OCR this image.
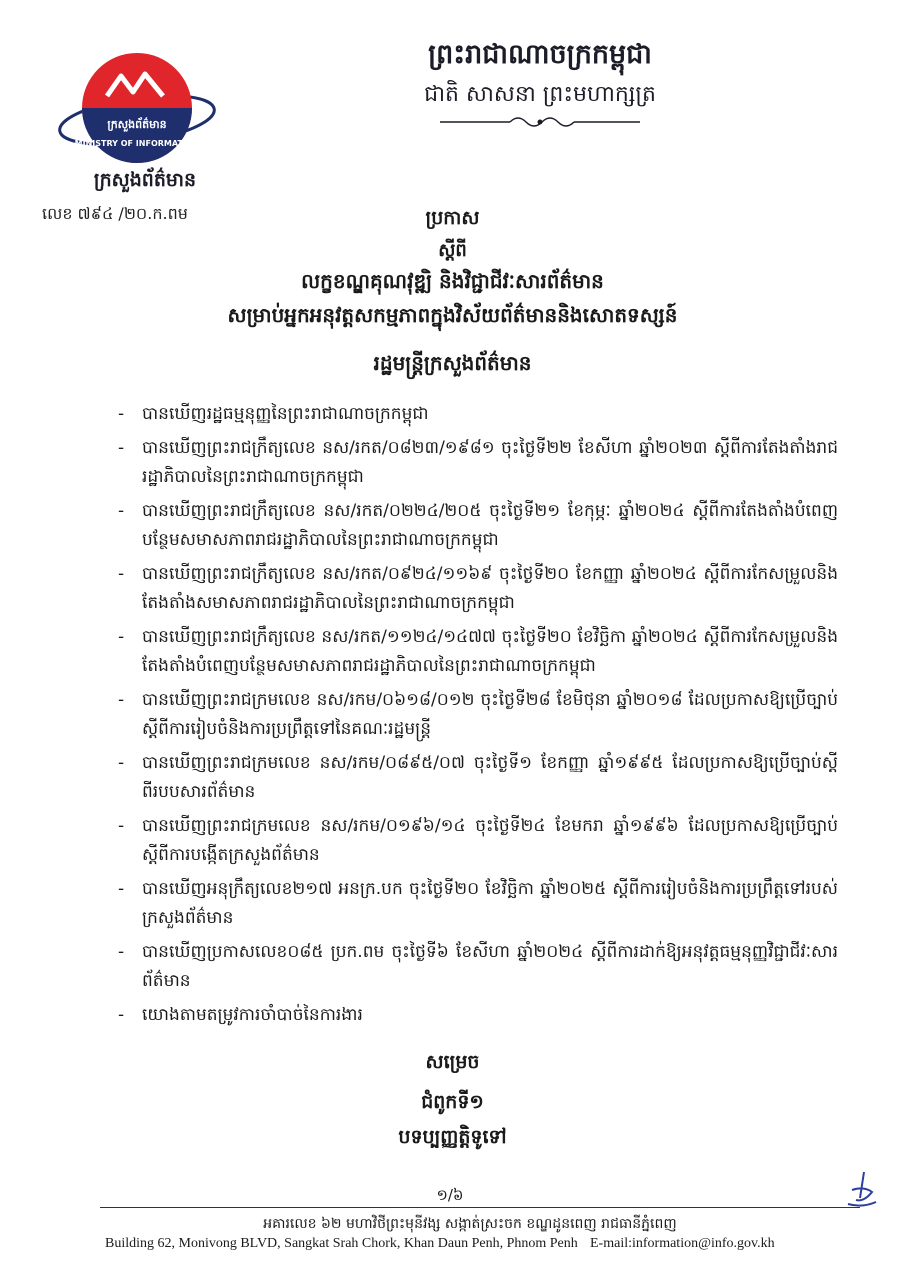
ក្រសួងព័ត៌មាន
MINISTRY OF INFORMATION
ក្រសួងព័ត៌មាន
លេខ ៧៩៤ /២០.ក.ពម
ព្រះរាជាណាចក្រកម្ពុជា
ជាតិ សាសនា ព្រះមហាក្សត្រ
ប្រកាស
ស្តីពី
លក្ខខណ្ឌគុណវុឌ្ឍិ និងវិជ្ជាជីវៈសារព័ត៌មាន
សម្រាប់អ្នកអនុវត្តសកម្មភាពក្នុងវិស័យព័ត៌មាននិងសោតទស្សន៍
រដ្ឋមន្ត្រីក្រសួងព័ត៌មាន
- បានឃើញរដ្ឋធម្មនុញ្ញនៃព្រះរាជាណាចក្រកម្ពុជា
- បានឃើញព្រះរាជក្រឹត្យលេខ នស/រកត/០៨២៣/១៩៨១ ចុះថ្ងៃទី២២ ខែសីហា ឆ្នាំ២០២៣ ស្តីពីការតែងតាំងរាជរដ្ឋាភិបាលនៃព្រះរាជាណាចក្រកម្ពុជា
- បានឃើញព្រះរាជក្រឹត្យលេខ នស/រកត/០២២៤/២០៥ ចុះថ្ងៃទី២១ ខែកុម្ភៈ ឆ្នាំ២០២៤ ស្តីពីការតែងតាំងបំពេញបន្ថែមសមាសភាពរាជរដ្ឋាភិបាលនៃព្រះរាជាណាចក្រកម្ពុជា
- បានឃើញព្រះរាជក្រឹត្យលេខ នស/រកត/០៩២៤/១១៦៩ ចុះថ្ងៃទី២០ ខែកញ្ញា ឆ្នាំ២០២៤ ស្តីពីការកែសម្រួលនិងតែងតាំងសមាសភាពរាជរដ្ឋាភិបាលនៃព្រះរាជាណាចក្រកម្ពុជា
- បានឃើញព្រះរាជក្រឹត្យលេខ នស/រកត/១១២៤/១៤៧៧ ចុះថ្ងៃទី២០ ខែវិច្ឆិកា ឆ្នាំ២០២៤ ស្តីពីការកែសម្រួលនិងតែងតាំងបំពេញបន្ថែមសមាសភាពរាជរដ្ឋាភិបាលនៃព្រះរាជាណាចក្រកម្ពុជា
- បានឃើញព្រះរាជក្រមលេខ នស/រកម/០៦១៨/០១២ ចុះថ្ងៃទី២៨ ខែមិថុនា ឆ្នាំ២០១៨ ដែលប្រកាសឱ្យប្រើច្បាប់ស្តីពីការរៀបចំនិងការប្រព្រឹត្តទៅនៃគណៈរដ្ឋមន្ត្រី
- បានឃើញព្រះរាជក្រមលេខ នស/រកម/០៨៩៥/០៧ ចុះថ្ងៃទី១ ខែកញ្ញា ឆ្នាំ១៩៩៥ ដែលប្រកាសឱ្យប្រើច្បាប់ស្តីពីរបបសារព័ត៌មាន
- បានឃើញព្រះរាជក្រមលេខ នស/រកម/០១៩៦/១៤ ចុះថ្ងៃទី២៤ ខែមករា ឆ្នាំ១៩៩៦ ដែលប្រកាសឱ្យប្រើច្បាប់ស្តីពីការបង្កើតក្រសួងព័ត៌មាន
- បានឃើញអនុក្រឹត្យលេខ២១៧ អនក្រ.បក ចុះថ្ងៃទី២០ ខែវិច្ឆិកា ឆ្នាំ២០២៥ ស្តីពីការរៀបចំនិងការប្រព្រឹត្តទៅរបស់ក្រសួងព័ត៌មាន
- បានឃើញប្រកាសលេខ០៨៥ ប្រក.ពម ចុះថ្ងៃទី៦ ខែសីហា ឆ្នាំ២០២៤ ស្តីពីការដាក់ឱ្យអនុវត្តធម្មនុញ្ញវិជ្ជាជីវៈសារព័ត៌មាន
- យោងតាមតម្រូវការចាំបាច់នៃការងារ
សម្រេច
ជំពូកទី១
បទប្បញ្ញត្តិទូទៅ
១/៦
អគារលេខ ៦២ មហាវិថីព្រះមុនីវង្ស សង្កាត់ស្រះចក ខណ្ឌដូនពេញ រាជធានីភ្នំពេញ
Building 62, Monivong BLVD, Sangkat Srah Chork, Khan Daun Penh, Phnom Penh E-mail:information@info.gov.kh
